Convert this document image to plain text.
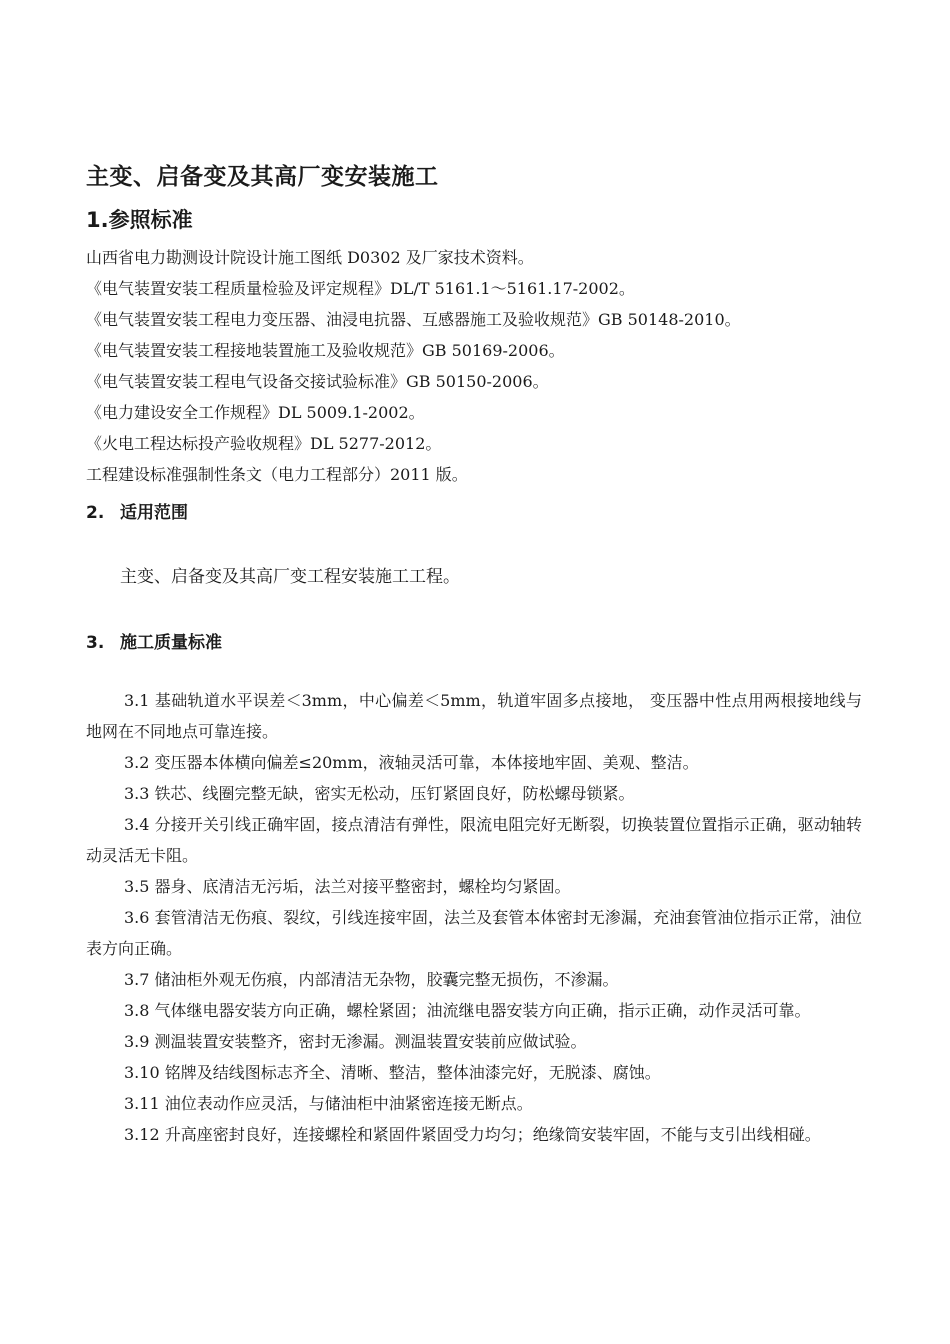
主变、启备变及其高厂变安装施工
1.参照标准
山西省电力勘测设计院设计施工图纸 D0302 及厂家技术资料。
《电气装置安装工程质量检验及评定规程》DL/T 5161.1～5161.17-2002。
《电气装置安装工程电力变压器、油浸电抗器、互感器施工及验收规范》GB 50148-2010。
《电气装置安装工程接地装置施工及验收规范》GB 50169-2006。
《电气装置安装工程电气设备交接试验标准》GB 50150-2006。
《电力建设安全工作规程》DL 5009.1-2002。
《火电工程达标投产验收规程》DL 5277-2012。
工程建设标准强制性条文（电力工程部分）2011 版。
2. 适用范围

主变、启备变及其高厂变工程安装施工工程。

3. 施工质量标准

3.1 基础轨道水平误差＜3mm，中心偏差＜5mm，轨道牢固多点接地， 变压器中性点用两根接地线与地网在不同地点可靠连接。

3.2 变压器本体横向偏差≤20mm，液轴灵活可靠，本体接地牢固、美观、整洁。

3.3 铁芯、线圈完整无缺，密实无松动，压钉紧固良好，防松螺母锁紧。

3.4 分接开关引线正确牢固，接点清洁有弹性，限流电阻完好无断裂，切换装置位置指示正确，驱动轴转动灵活无卡阻。

3.5 器身、底清洁无污垢，法兰对接平整密封，螺栓均匀紧固。

3.6 套管清洁无伤痕、裂纹，引线连接牢固，法兰及套管本体密封无渗漏，充油套管油位指示正常，油位表方向正确。

3.7 储油柜外观无伤痕，内部清洁无杂物，胶囊完整无损伤，不渗漏。

3.8 气体继电器安装方向正确，螺栓紧固；油流继电器安装方向正确，指示正确，动作灵活可靠。

3.9 测温装置安装整齐，密封无渗漏。测温装置安装前应做试验。

3.10 铭牌及结线图标志齐全、清晰、整洁，整体油漆完好，无脱漆、腐蚀。

3.11 油位表动作应灵活，与储油柜中油紧密连接无断点。

3.12 升高座密封良好，连接螺栓和紧固件紧固受力均匀；绝缘筒安装牢固，不能与支引出线相碰。
